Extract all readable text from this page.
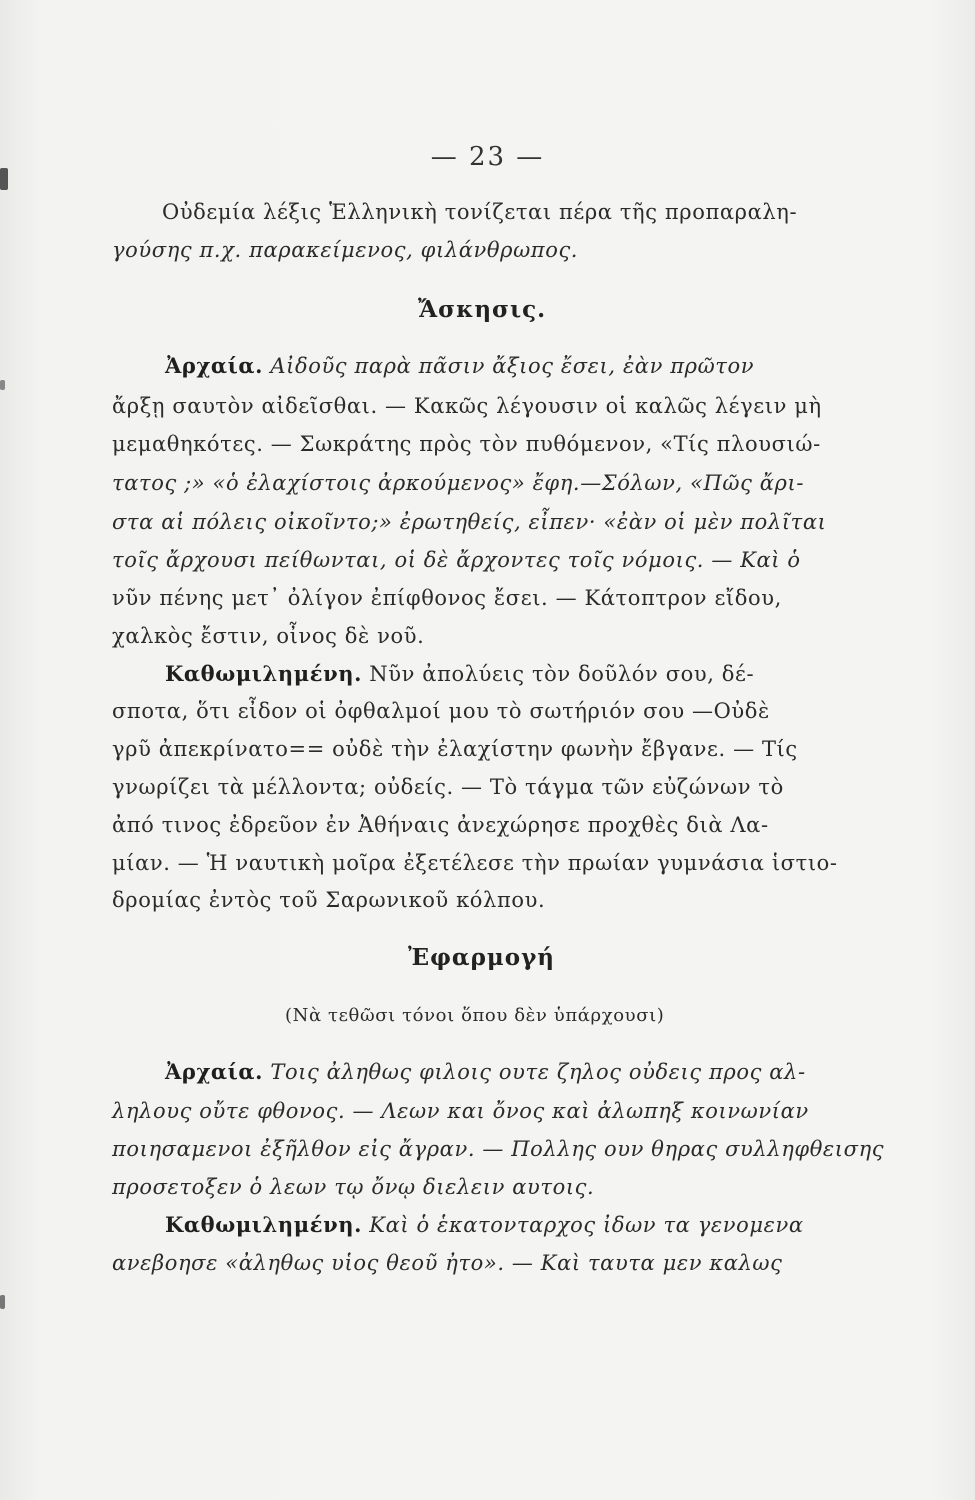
— 23 —
Οὐδεμία λέξις Ἑλληνικὴ τονίζεται πέρα τῆς προπαραλη-
γούσης π.χ. παρακείμενος, φιλάνθρωπος.
Ἄσκησις.
Ἀρχαία. Αἰδοῦς παρὰ πᾶσιν ἄξιος ἔσει, ἐὰν πρῶτον
ἄρξῃ σαυτὸν αἰδεῖσθαι. — Κακῶς λέγουσιν οἱ καλῶς λέγειν μὴ
μεμαθηκότες. — Σωκράτης πρὸς τὸν πυθόμενον, «Τίς πλουσιώ-
τατος ;» «ὁ ἐλαχίστοις ἀρκούμενος» ἔφη.—Σόλων, «Πῶς ἄρι-
στα αἱ πόλεις οἰκοῖντο;» ἐρωτηθείς, εἶπεν· «ἐὰν οἱ μὲν πολῖται
τοῖς ἄρχουσι πείθωνται, οἱ δὲ ἄρχοντες τοῖς νόμοις. — Καὶ ὁ
νῦν πένης μετ᾽ ὀλίγον ἐπίφθονος ἔσει. — Κάτοπτρον εἴδου,
χαλκὸς ἔστιν, οἶνος δὲ νοῦ.
Καθωμιλημένη. Νῦν ἀπολύεις τὸν δοῦλόν σου, δέ-
σποτα, ὅτι εἶδον οἱ ὀφθαλμοί μου τὸ σωτήριόν σου —Οὐδὲ
γρῦ ἀπεκρίνατο== οὐδὲ τὴν ἐλαχίστην φωνὴν ἔβγανε. — Τίς
γνωρίζει τὰ μέλλοντα; οὐδείς. — Τὸ τάγμα τῶν εὐζώνων τὸ
ἀπό τινος ἐδρεῦον ἐν Ἀθήναις ἀνεχώρησε προχθὲς διὰ Λα-
μίαν. — Ἡ ναυτικὴ μοῖρα ἐξετέλεσε τὴν πρωίαν γυμνάσια ἱστιο-
δρομίας ἐντὸς τοῦ Σαρωνικοῦ κόλπου.
Ἐφαρμογή
(Νὰ τεθῶσι τόνοι ὅπου δὲν ὑπάρχουσι)
Ἀρχαία. Τοις ἀληθως φιλοις ουτε ζηλος οὐδεις προς αλ-
ληλους οὔτε φθονος. — Λεων και ὄνος καὶ ἀλωπηξ κοινωνίαν
ποιησαμενοι ἐξῆλθον εἰς ἄγραν. — Πολλης ουν θηρας συλληφθεισης
προσετοξεν ὁ λεων τῳ ὄνῳ διελειν αυτοις.
Καθωμιλημένη. Καὶ ὁ ἑκατονταρχος ἰδων τα γενομενα
ανεβοησε «ἀληθως υἱος θεοῦ ἠτο». — Καὶ ταυτα μεν καλως
